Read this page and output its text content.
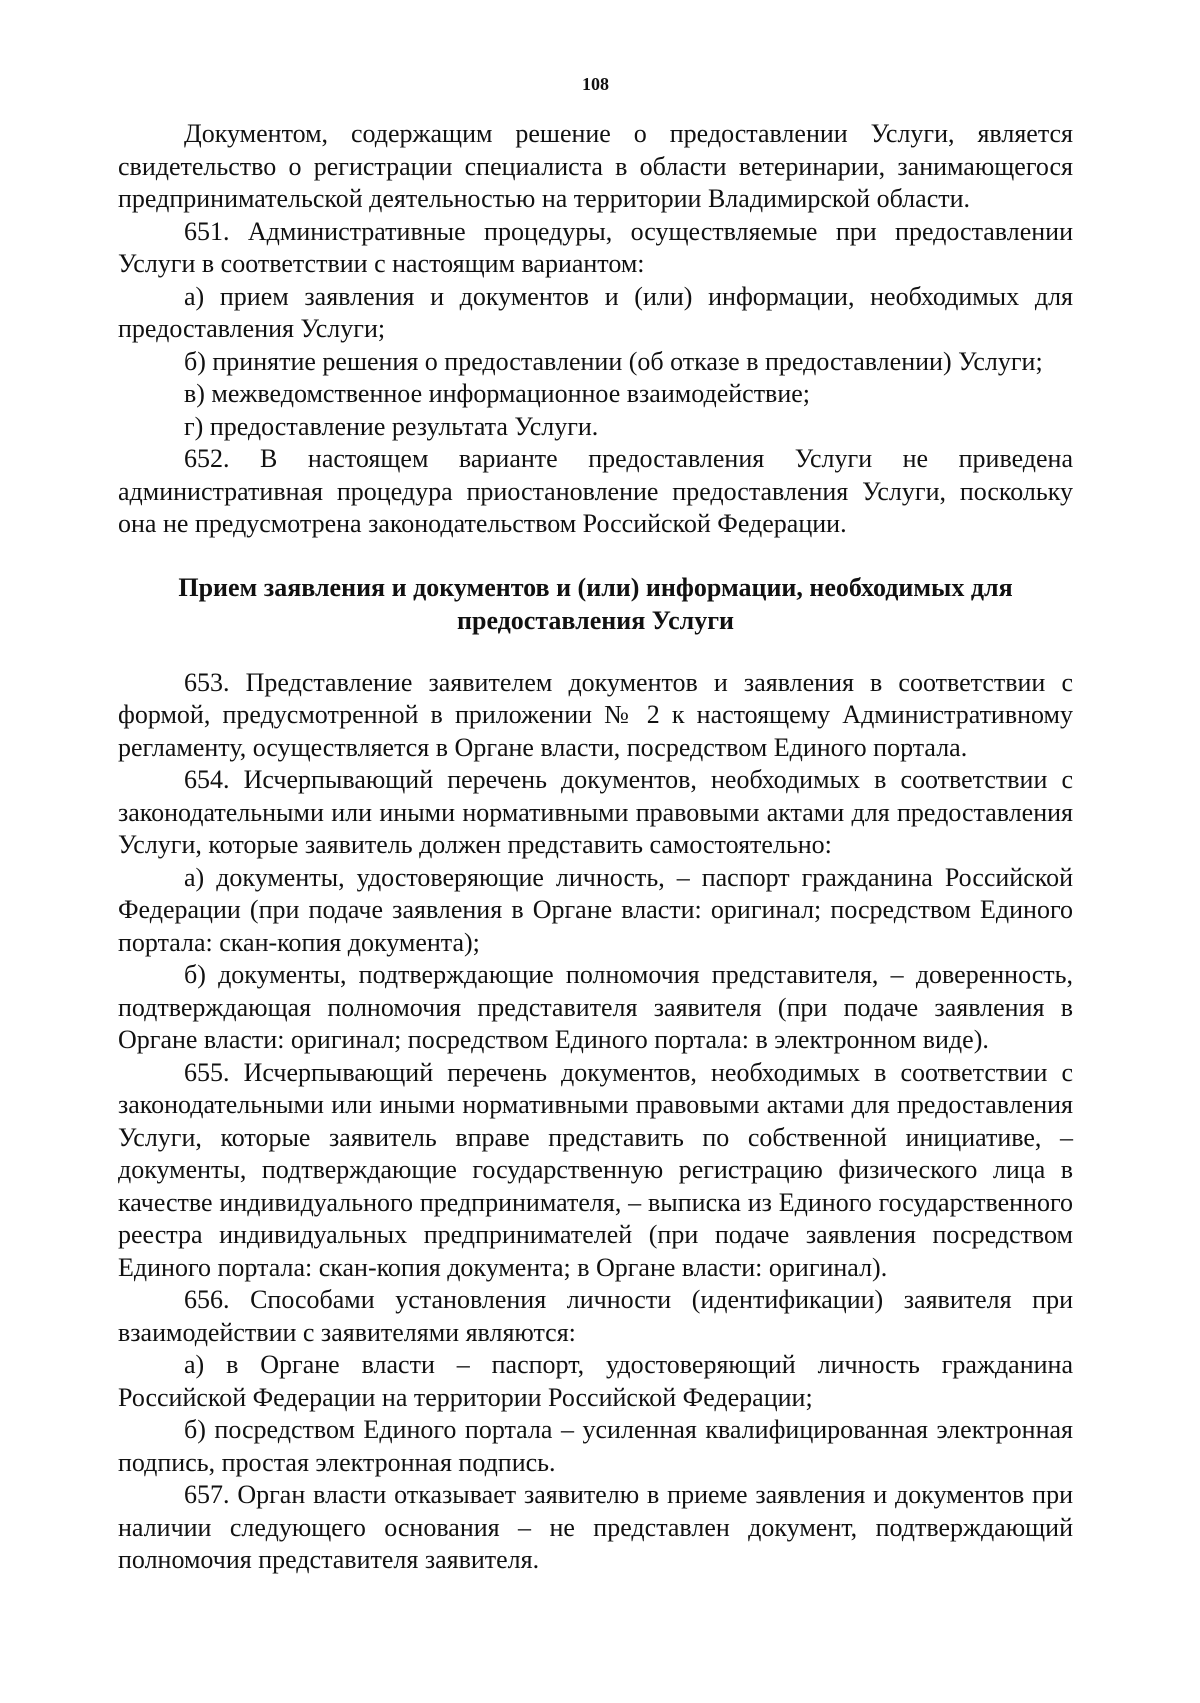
108

Документом, содержащим решение о предоставлении Услуги, является свидетельство о регистрации специалиста в области ветеринарии, занимающегося предпринимательской деятельностью на территории Владимирской области.

651. Административные процедуры, осуществляемые при предоставлении Услуги в соответствии с настоящим вариантом:

а) прием заявления и документов и (или) информации, необходимых для предоставления Услуги;

б) принятие решения о предоставлении (об отказе в предоставлении) Услуги;

в) межведомственное информационное взаимодействие;

г) предоставление результата Услуги.

652. В настоящем варианте предоставления Услуги не приведена административная процедура приостановление предоставления Услуги, поскольку она не предусмотрена законодательством Российской Федерации.

Прием заявления и документов и (или) информации, необходимых для
предоставления Услуги

653. Представление заявителем документов и заявления в соответствии с формой, предусмотренной в приложении № 2 к настоящему Административному регламенту, осуществляется в Органе власти, посредством Единого портала.

654. Исчерпывающий перечень документов, необходимых в соответствии с законодательными или иными нормативными правовыми актами для предоставления Услуги, которые заявитель должен представить самостоятельно:

а) документы, удостоверяющие личность, – паспорт гражданина Российской Федерации (при подаче заявления в Органе власти: оригинал; посредством Единого портала: скан-копия документа);

б) документы, подтверждающие полномочия представителя, – доверенность, подтверждающая полномочия представителя заявителя (при подаче заявления в Органе власти: оригинал; посредством Единого портала: в электронном виде).

655. Исчерпывающий перечень документов, необходимых в соответствии с законодательными или иными нормативными правовыми актами для предоставления Услуги, которые заявитель вправе представить по собственной инициативе, – документы, подтверждающие государственную регистрацию физического лица в качестве индивидуального предпринимателя, – выписка из Единого государственного реестра индивидуальных предпринимателей (при подаче заявления посредством Единого портала: скан-копия документа; в Органе власти: оригинал).

656. Способами установления личности (идентификации) заявителя при взаимодействии с заявителями являются:

а) в Органе власти – паспорт, удостоверяющий личность гражданина Российской Федерации на территории Российской Федерации;

б) посредством Единого портала – усиленная квалифицированная электронная подпись, простая электронная подпись.

657. Орган власти отказывает заявителю в приеме заявления и документов при наличии следующего основания – не представлен документ, подтверждающий полномочия представителя заявителя.
